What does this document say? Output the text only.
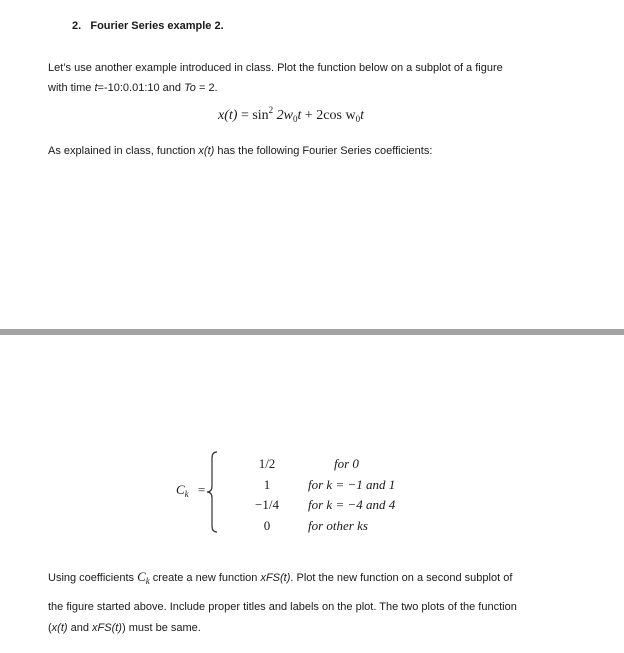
2. Fourier Series example 2.
Let’s use another example introduced in class. Plot the function below on a subplot of a figure
with time t=-10:0.01:10 and To = 2.
$x(t) = \sin^2 2w_0t + 2\cos$ $w_0t$
As explained in class, function x(t) has the following Fourier Series coefficients:
$C_k$ =
1/2
1
−1/4
0
for 0
for k = −1 and 1
for k = −4 and 4
for other ks
Using coefficients $C_k$ create a new function xFS(t). Plot the new function on a second subplot of
the figure started above. Include proper titles and labels on the plot. The two plots of the function
(x(t) and xFS(t)) must be same.
